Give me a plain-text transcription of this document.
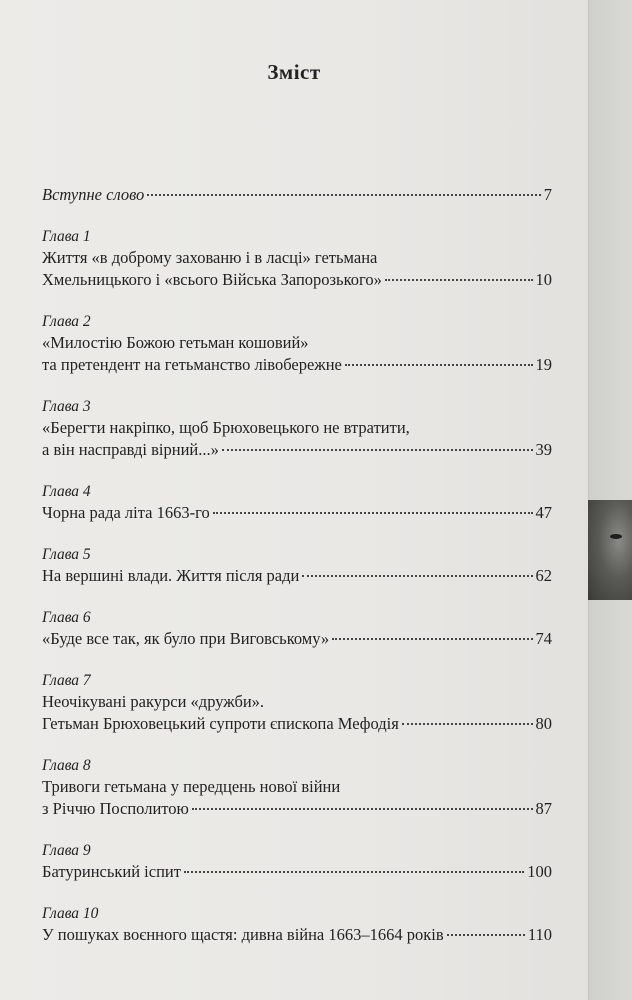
Зміст
Вступне слово	7
Глава 1
Життя «в доброму захованю і в ласці» гетьмана
Хмельницького і «всього Війська Запорозького»	10
Глава 2
«Милостію Божою гетьман кошовий»
та претендент на гетьманство лівобережне	19
Глава 3
«Берегти накріпко, щоб Брюховецького не втратити,
а він насправді вірний...»	39
Глава 4
Чорна рада літа 1663-го	47
Глава 5
На вершині влади. Життя після ради	62
Глава 6
«Буде все так, як було при Виговському»	74
Глава 7
Неочікувані ракурси «дружби».
Гетьман Брюховецький супроти єпископа Мефодія	80
Глава 8
Тривоги гетьмана у передцень нової війни
з Річчю Посполитою	87
Глава 9
Батуринський іспит	100
Глава 10
У пошуках воєнного щастя: дивна війна 1663–1664 років	110
